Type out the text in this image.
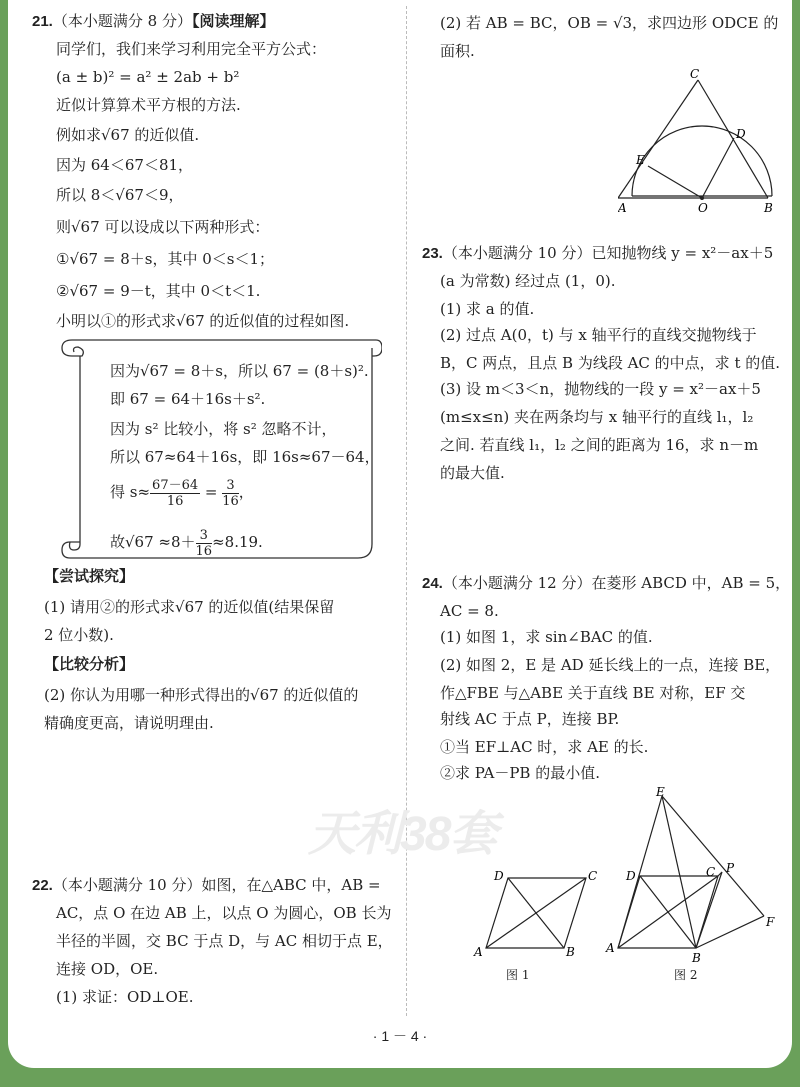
天利38套
21.（本小题满分 8 分）【阅读理解】
同学们，我们来学习利用完全平方公式：
(a ± b)² = a² ± 2ab + b²
近似计算算术平方根的方法.
例如求√67 的近似值.
因为 64＜67＜81，
所以 8＜√67＜9，
则√67 可以设成以下两种形式：
①√67 = 8＋s，其中 0＜s＜1；
②√67 = 9－t，其中 0＜t＜1.
小明以①的形式求√67 的近似值的过程如图.
因为√67 = 8＋s，所以 67 = (8＋s)².
即 67 = 64＋16s＋s².
因为 s² 比较小，将 s² 忽略不计，
所以 67≈64＋16s，即 16s≈67－64，
得 $s\approx \frac{67-64}{16} = \frac{3}{16}$ ，
故$√67 \approx 8+ \frac{3}{16} \approx 8.19$.
【尝试探究】
(1) 请用②的形式求√67 的近似值(结果保留
2 位小数).
【比较分析】
(2) 你认为用哪一种形式得出的√67 的近似值的
精确度更高，请说明理由.
22.（本小题满分 10 分）如图，在△ABC 中，AB =
AC，点 O 在边 AB 上，以点 O 为圆心，OB 长为
半径的半圆，交 BC 于点 D，与 AC 相切于点 E，
连接 OD，OE.
(1) 求证：OD⊥OE.
(2) 若 AB = BC，OB = √3，求四边形 ODCE 的
面积.
C
D
E
A	O	B
23.（本小题满分 10 分）已知抛物线 y = x²－ax＋5
(a 为常数) 经过点 (1，0).
(1) 求 a 的值.
(2) 过点 A(0，t) 与 x 轴平行的直线交抛物线于
B，C 两点，且点 B 为线段 AC 的中点，求 t 的值.
(3) 设 m＜3＜n，抛物线的一段 y = x²－ax＋5
(m≤x≤n) 夹在两条均与 x 轴平行的直线 l₁，l₂
之间. 若直线 l₁，l₂ 之间的距离为 16，求 n－m
的最大值.
24.（本小题满分 12 分）在菱形 ABCD 中，AB = 5，
AC = 8.
(1) 如图 1，求 sin∠BAC 的值.
(2) 如图 2，E 是 AD 延长线上的一点，连接 BE，
作△FBE 与△ABE 关于直线 BE 对称，EF 交
射线 AC 于点 P，连接 BP.
①当 EF⊥AC 时，求 AE 的长.
②求 PA－PB 的最小值.
D	C
A	B
图 1
E
D	C P
F
A
B
图 2
· 1 － 4 ·
